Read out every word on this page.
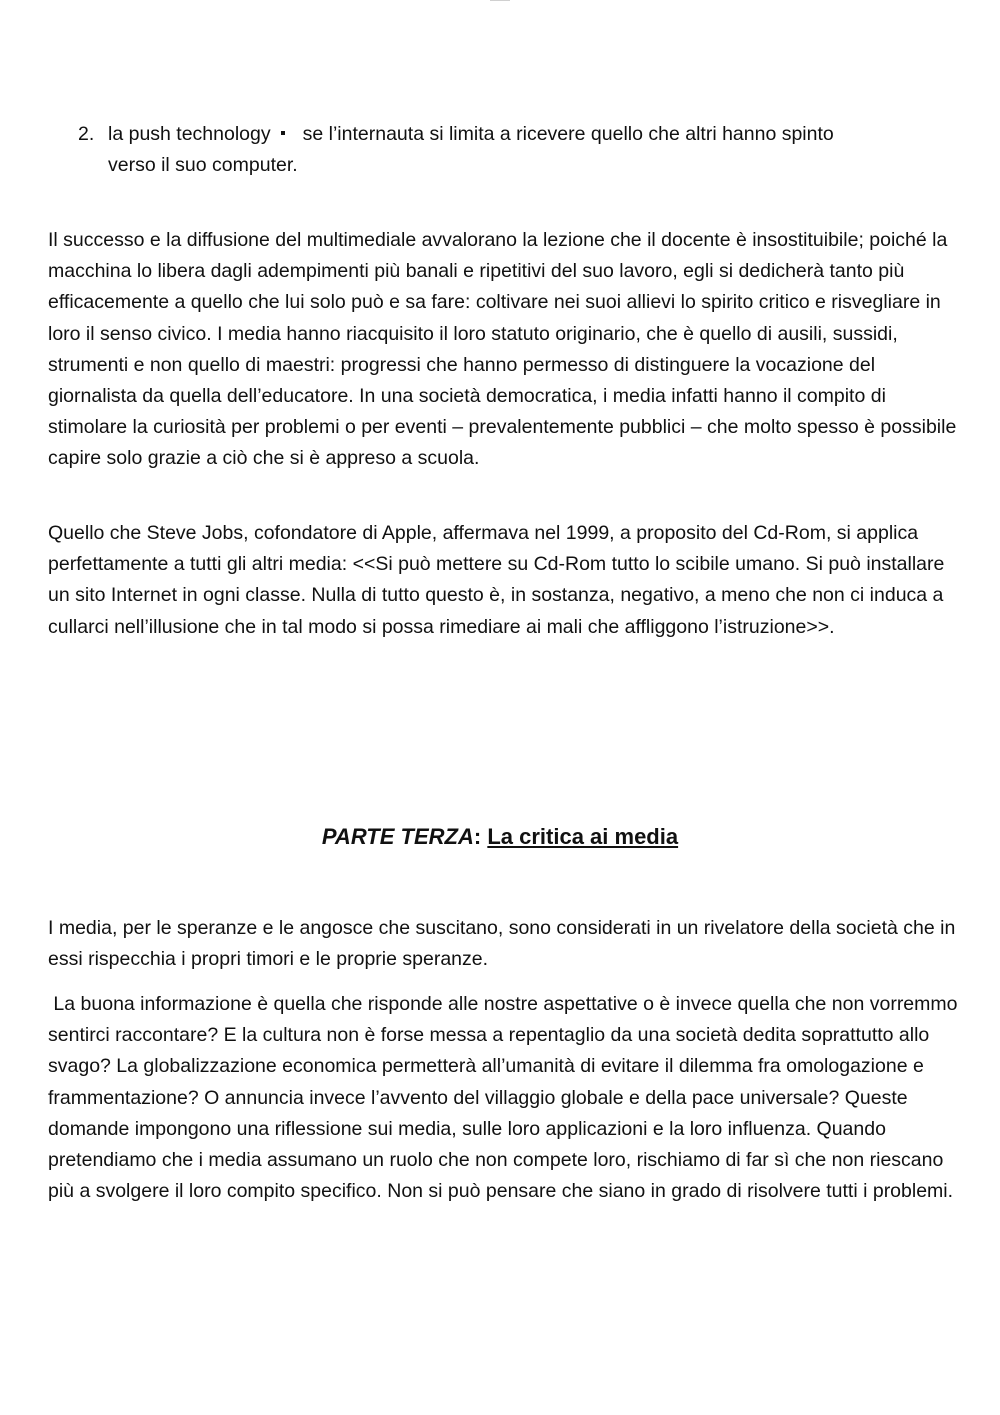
2. la push technology se l’internauta si limita a ricevere quello che altri hanno spinto
verso il suo computer.

Il successo e la diffusione del multimediale avvalorano la lezione che il docente è insostituibile; poiché la macchina lo libera dagli adempimenti più banali e ripetitivi del suo lavoro, egli si dedicherà tanto più efficacemente a quello che lui solo può e sa fare: coltivare nei suoi allievi lo spirito critico e risvegliare in loro il senso civico. I media hanno riacquisito il loro statuto originario, che è quello di ausili, sussidi, strumenti e non quello di maestri: progressi che hanno permesso di distinguere la vocazione del giornalista da quella dell’educatore. In una società democratica, i media infatti hanno il compito di stimolare la curiosità per problemi o per eventi – prevalentemente pubblici – che molto spesso è possibile capire solo grazie a ciò che si è appreso a scuola.

Quello che Steve Jobs, cofondatore di Apple, affermava nel 1999, a proposito del Cd-Rom, si applica perfettamente a tutti gli altri media: <<Si può mettere su Cd-Rom tutto lo scibile umano. Si può installare un sito Internet in ogni classe. Nulla di tutto questo è, in sostanza, negativo, a meno che non ci induca a cullarci nell’illusione che in tal modo si possa rimediare ai mali che affliggono l’istruzione>>.

PARTE TERZA: La critica ai media

I media, per le speranze e le angosce che suscitano, sono considerati in un rivelatore della società che in essi rispecchia i propri timori e le proprie speranze.

La buona informazione è quella che risponde alle nostre aspettative o è invece quella che non vorremmo sentirci raccontare? E la cultura non è forse messa a repentaglio da una società dedita soprattutto allo svago? La globalizzazione economica permetterà all’umanità di evitare il dilemma fra omologazione e frammentazione? O annuncia invece l’avvento del villaggio globale e della pace universale? Queste domande impongono una riflessione sui media, sulle loro applicazioni e la loro influenza. Quando pretendiamo che i media assumano un ruolo che non compete loro, rischiamo di far sì che non riescano più a svolgere il loro compito specifico. Non si può pensare che siano in grado di risolvere tutti i problemi.
